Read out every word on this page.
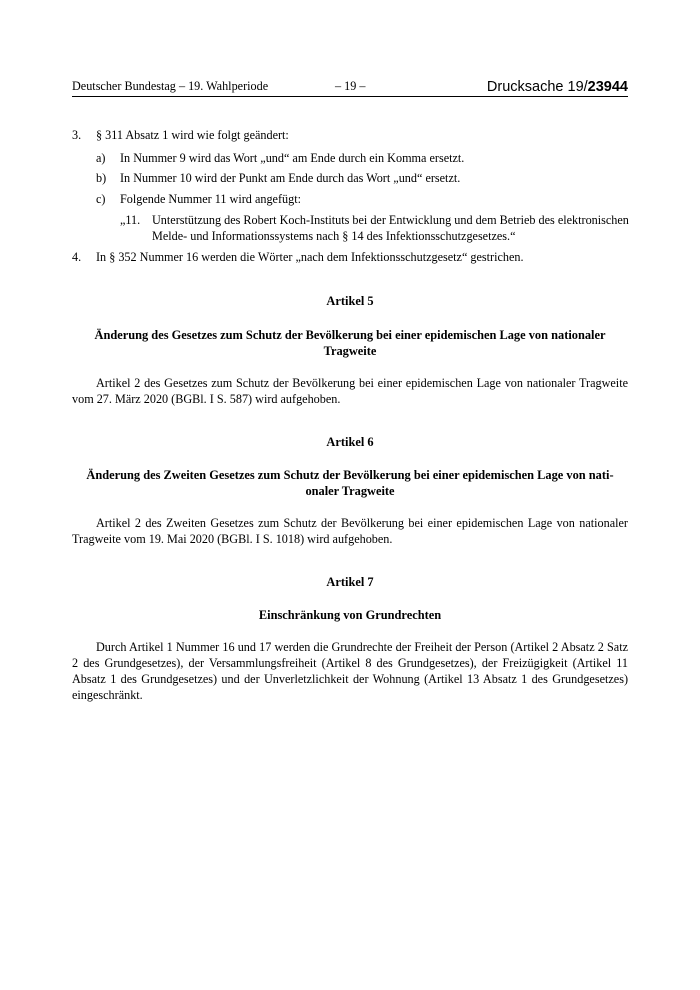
Deutscher Bundestag – 19. Wahlperiode	– 19 –	Drucksache 19/23944
3. § 311 Absatz 1 wird wie folgt geändert:
a) In Nummer 9 wird das Wort „und“ am Ende durch ein Komma ersetzt.
b) In Nummer 10 wird der Punkt am Ende durch das Wort „und“ ersetzt.
c) Folgende Nummer 11 wird angefügt:
„11. Unterstützung des Robert Koch-Instituts bei der Entwicklung und dem Betrieb des elektronischen
Melde- und Informationssystems nach § 14 des Infektionsschutzgesetzes.“
4. In § 352 Nummer 16 werden die Wörter „nach dem Infektionsschutzgesetz“ gestrichen.
Artikel 5
Änderung des Gesetzes zum Schutz der Bevölkerung bei einer epidemischen Lage von nationaler
Tragweite

Artikel 2 des Gesetzes zum Schutz der Bevölkerung bei einer epidemischen Lage von nationaler Tragweite vom 27. März 2020 (BGBl. I S. 587) wird aufgehoben.

Artikel 6
Änderung des Zweiten Gesetzes zum Schutz der Bevölkerung bei einer epidemischen Lage von nati-
onaler Tragweite

Artikel 2 des Zweiten Gesetzes zum Schutz der Bevölkerung bei einer epidemischen Lage von nationaler Tragweite vom 19. Mai 2020 (BGBl. I S. 1018) wird aufgehoben.

Artikel 7
Einschränkung von Grundrechten

Durch Artikel 1 Nummer 16 und 17 werden die Grundrechte der Freiheit der Person (Artikel 2 Absatz 2 Satz 2 des Grundgesetzes), der Versammlungsfreiheit (Artikel 8 des Grundgesetzes), der Freizügigkeit (Artikel 11 Absatz 1 des Grundgesetzes) und der Unverletzlichkeit der Wohnung (Artikel 13 Absatz 1 des Grundgesetzes) eingeschränkt.
